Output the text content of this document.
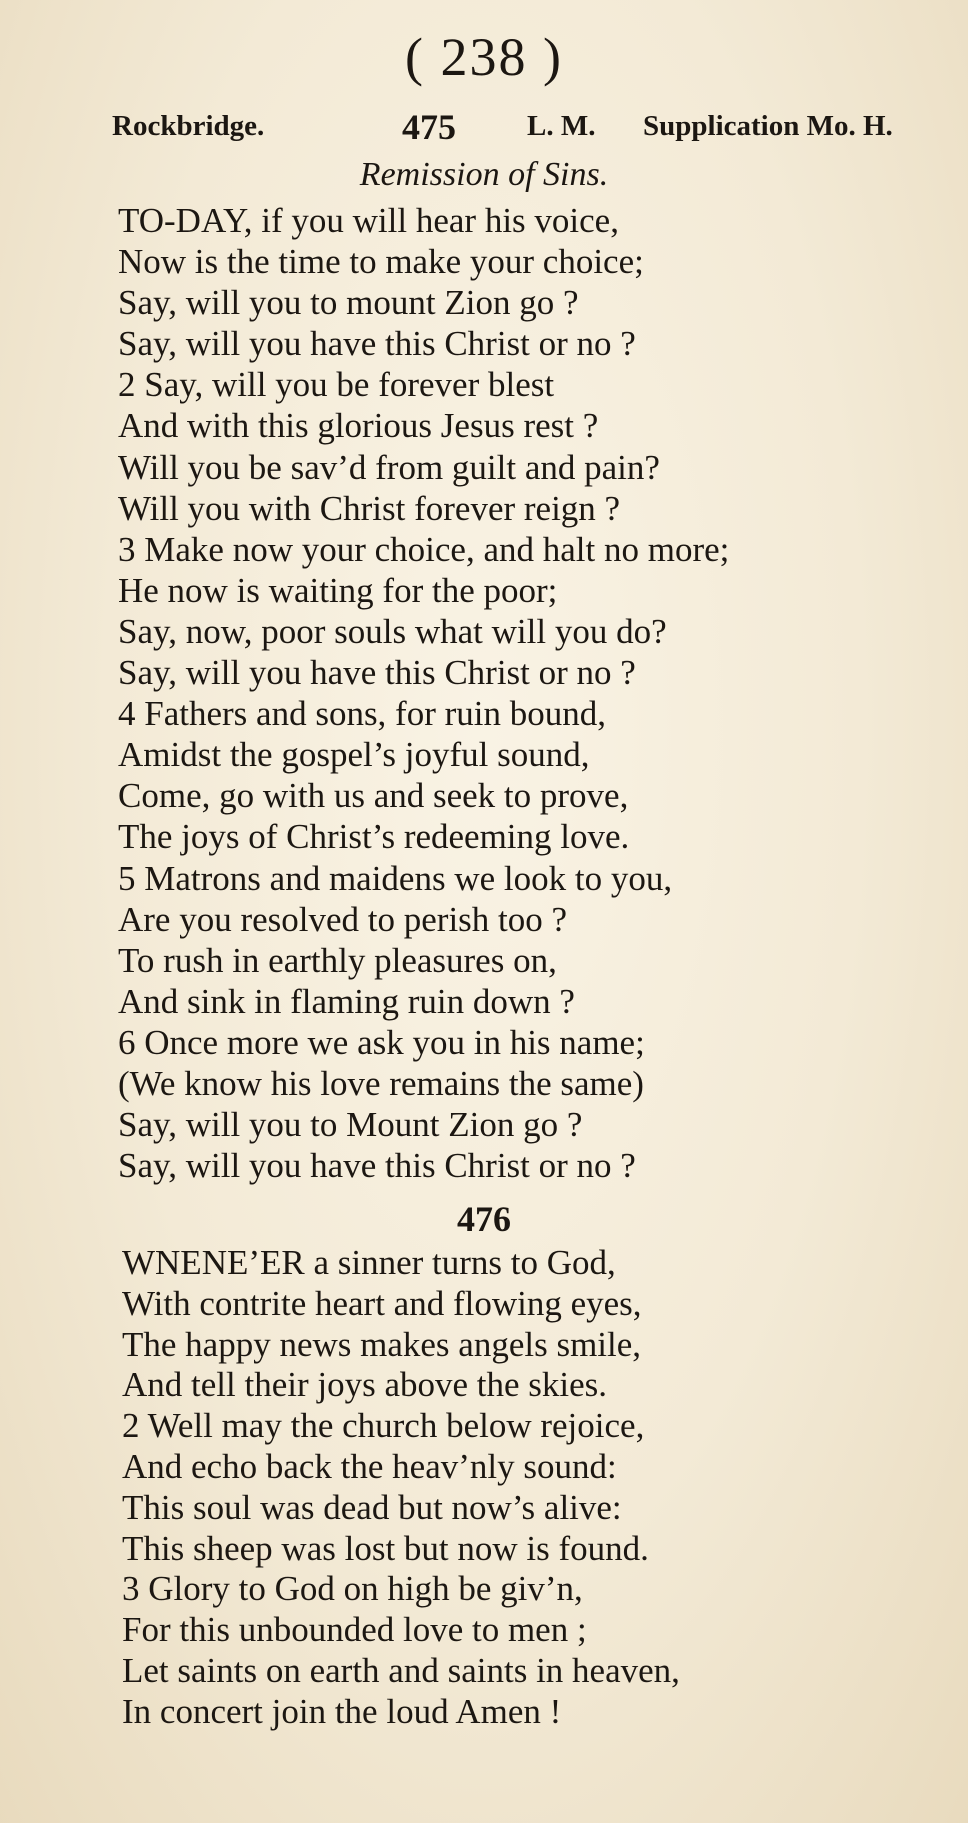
( 238 )
Rockbridge.	475 L. M. Supplication Mo. H.
Remission of Sins.
TO-DAY, if you will hear his voice,
Now is the time to make your choice;
Say, will you to mount Zion go ?
Say, will you have this Christ or no ?
2 Say, will you be forever blest
And with this glorious Jesus rest ?
Will you be sav’d from guilt and pain?
Will you with Christ forever reign ?
3 Make now your choice, and halt no more;
He now is waiting for the poor;
Say, now, poor souls what will you do?
Say, will you have this Christ or no ?
4 Fathers and sons, for ruin bound,
Amidst the gospel’s joyful sound,
Come, go with us and seek to prove,
The joys of Christ’s redeeming love.
5 Matrons and maidens we look to you,
Are you resolved to perish too ?
To rush in earthly pleasures on,
And sink in flaming ruin down ?
6 Once more we ask you in his name;
(We know his love remains the same)
Say, will you to Mount Zion go ?
Say, will you have this Christ or no ?
476
WNENE’ER a sinner turns to God,
With contrite heart and flowing eyes,
The happy news makes angels smile,
And tell their joys above the skies.
2 Well may the church below rejoice,
And echo back the heav’nly sound:
This soul was dead but now’s alive:
This sheep was lost but now is found.
3 Glory to God on high be giv’n,
For this unbounded love to men ;
Let saints on earth and saints in heaven,
In concert join the loud Amen !
